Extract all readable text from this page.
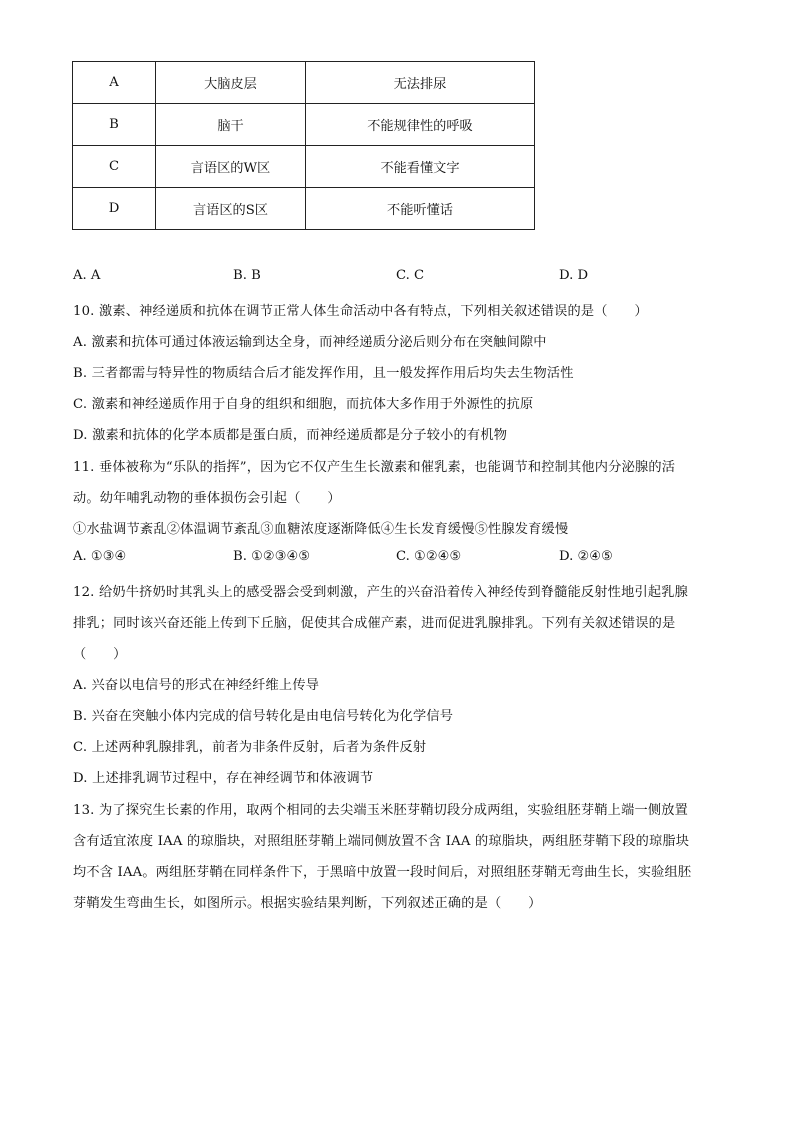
A	大脑皮层	无法排尿
B	脑干	不能规律性的呼吸
C	言语区的W区	不能看懂文字
D	言语区的S区	不能听懂话
A. A	B. B	C. C	D. D
10. 激素、神经递质和抗体在调节正常人体生命活动中各有特点，下列相关叙述错误的是（　　）
A. 激素和抗体可通过体液运输到达全身，而神经递质分泌后则分布在突触间隙中
B. 三者都需与特异性的物质结合后才能发挥作用，且一般发挥作用后均失去生物活性
C. 激素和神经递质作用于自身的组织和细胞，而抗体大多作用于外源性的抗原
D. 激素和抗体的化学本质都是蛋白质，而神经递质都是分子较小的有机物
11. 垂体被称为“乐队的指挥”，因为它不仅产生生长激素和催乳素，也能调节和控制其他内分泌腺的活
动。幼年哺乳动物的垂体损伤会引起（　　）
①水盐调节紊乱②体温调节紊乱③血糖浓度逐渐降低④生长发育缓慢⑤性腺发育缓慢
A. ①③④	B. ①②③④⑤	C. ①②④⑤	D. ②④⑤
12. 给奶牛挤奶时其乳头上的感受器会受到刺激，产生的兴奋沿着传入神经传到脊髓能反射性地引起乳腺
排乳；同时该兴奋还能上传到下丘脑，促使其合成催产素，进而促进乳腺排乳。下列有关叙述错误的是
（　　）
A. 兴奋以电信号的形式在神经纤维上传导
B. 兴奋在突触小体内完成的信号转化是由电信号转化为化学信号
C. 上述两种乳腺排乳，前者为非条件反射，后者为条件反射
D. 上述排乳调节过程中，存在神经调节和体液调节
13. 为了探究生长素的作用，取两个相同的去尖端玉米胚芽鞘切段分成两组，实验组胚芽鞘上端一侧放置
含有适宜浓度 IAA 的琼脂块，对照组胚芽鞘上端同侧放置不含 IAA 的琼脂块，两组胚芽鞘下段的琼脂块
均不含 IAA。两组胚芽鞘在同样条件下，于黑暗中放置一段时间后，对照组胚芽鞘无弯曲生长，实验组胚
芽鞘发生弯曲生长，如图所示。根据实验结果判断，下列叙述正确的是（　　）
